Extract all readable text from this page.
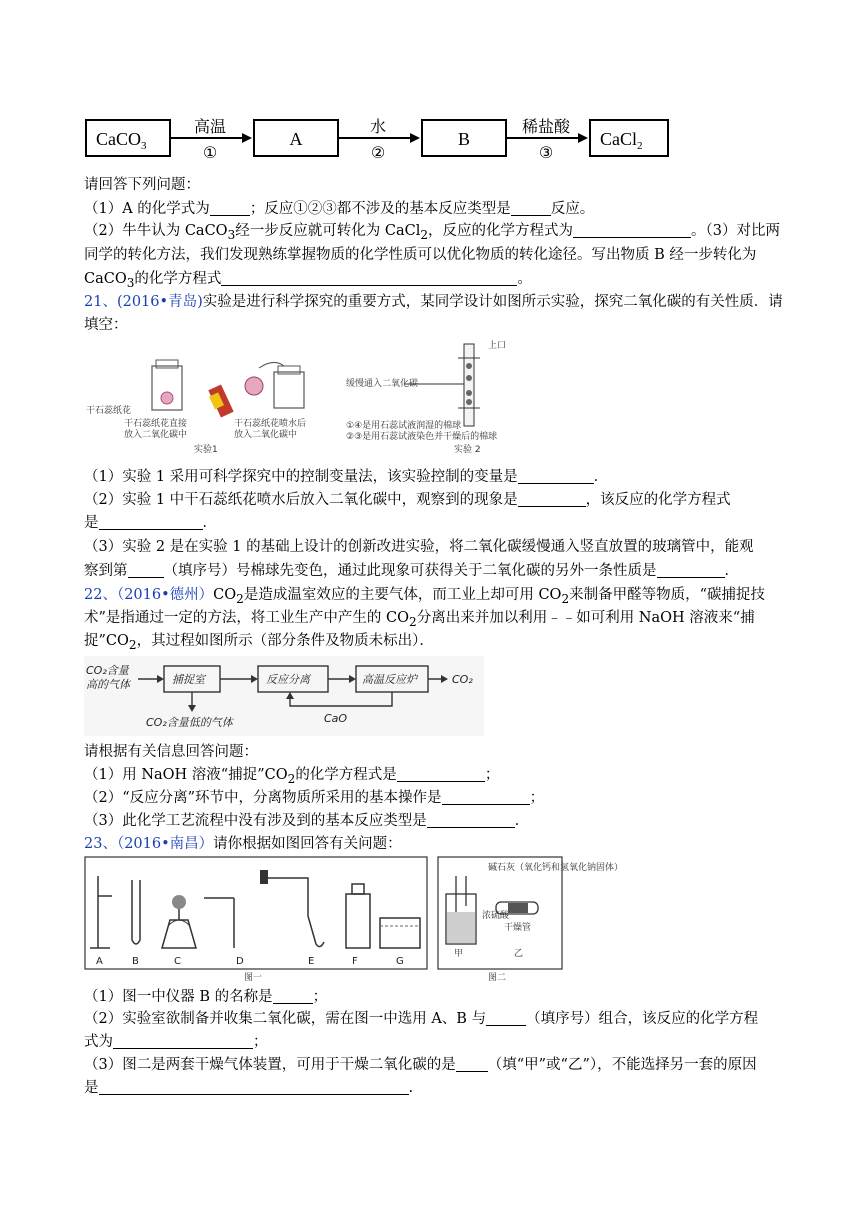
CaCO$_3$	A	B	CaCl$_2$
高温
①
水
②
稀盐酸
③
请回答下列问题：
（1）A 的化学式为	；反应①②③都不涉及的基本反应类型是	反应。
（2）牛牛认为 CaCO$_3$经一步反应就可转化为 CaCl$_2$，反应的化学方程式为	。（3）对比两
同学的转化方法，我们发现熟练掌握物质的化学性质可以优化物质的转化途径。写出物质 B 经一步转化为
CaCO$_3$的化学方程式	。
21、(2016•青岛)实验是进行科学探究的重要方式，某同学设计如图所示实验，探究二氧化碳的有关性质．请
填空：
干石蕊纸花
干石蕊纸花直接
放入二氧化碳中
干石蕊纸花喷水后
放入二氧化碳中
实验1
上口
缓慢通入二氧化碳
①④是用石蕊试液润湿的棉球
②③是用石蕊试液染色并干燥后的棉球
实验 2
（1）实验 1 采用可科学探究中的控制变量法，该实验控制的变量是	．
（2）实验 1 中干石蕊纸花喷水后放入二氧化碳中，观察到的现象是	，该反应的化学方程式
是	．
（3）实验 2 是在实验 1 的基础上设计的创新改进实验，将二氧化碳缓慢通入竖直放置的玻璃管中，能观
察到第 （填序号）号棉球先变色，通过此现象可获得关于二氧化碳的另外一条性质是	．
22、（2016•德州）$CO_2$是造成温室效应的主要气体，而工业上却可用 $CO_2$来制备甲醛等物质，“碳捕捉技
术”是指通过一定的方法，将工业生产中产生的 $CO_2$分离出来并加以利用﹣﹣如可利用 NaOH 溶液来“捕
捉$”CO_2$，其过程如图所示（部分条件及物质未标出）．
CO₂含量
高的气体	捕捉室	反应分离	高温反应炉	CO₂
CO₂含量低的气体	CaO
请根据有关信息回答问题：
（1）用 NaOH 溶液“捕捉$”CO_2$的化学方程式是	；
（2）“反应分离”环节中，分离物质所采用的基本操作是	；
（3）此化学工艺流程中没有涉及到的基本反应类型是	．
23、（2016•南昌）请你根据如图回答有关问题：
A	B	C	D	E	F	G
图一
浓硫酸
碱石灰（氧化钙和氢氧化钠固体）
干燥管
甲	乙
图二
（1）图一中仪器 B 的名称是	；
（2）实验室欲制备并收集二氧化碳，需在图一中选用 A、B 与	（填序号）组合，该反应的化学方程
式为	；
（3）图二是两套干燥气体装置，可用于干燥二氧化碳的是 （填“甲”或“乙”），不能选择另一套的原因
是	.
